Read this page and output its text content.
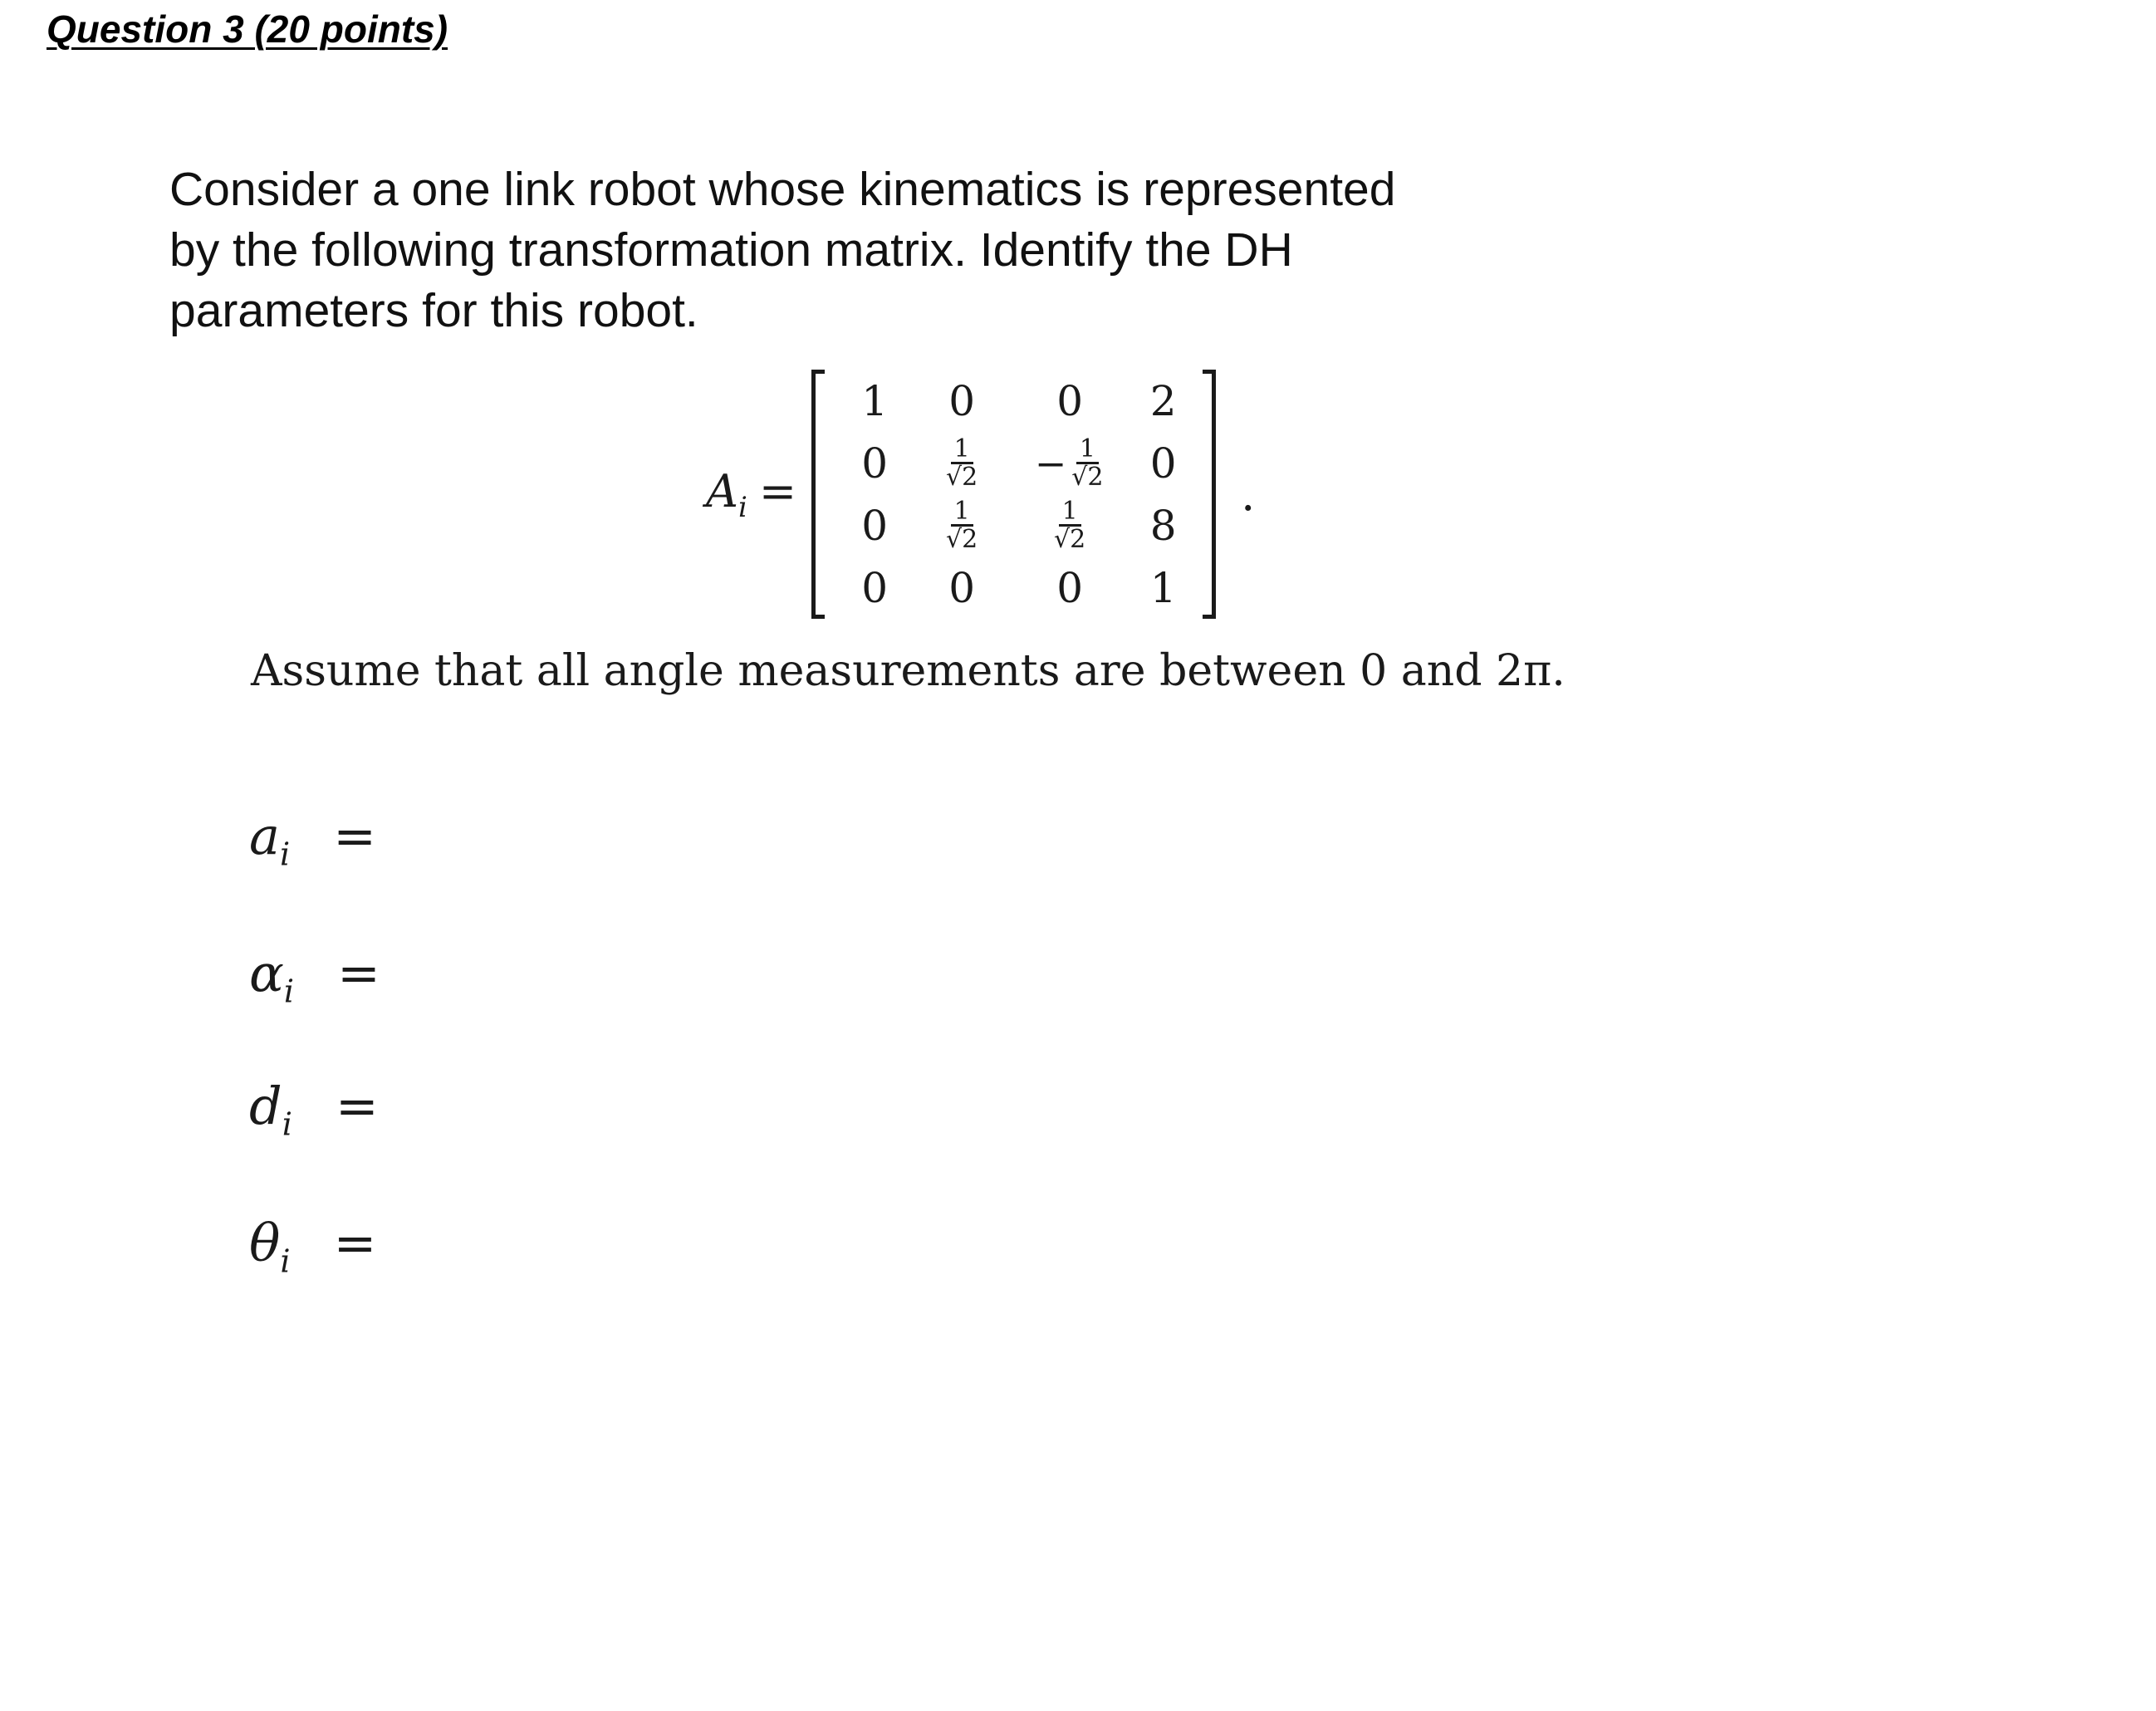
Question 3 (20 points)
Consider a one link robot whose kinematics is represented
by the following transformation matrix. Identify the DH
parameters for this robot.
$A_i$ =
1 0 0 2
$0 \frac{1}{√2} - \frac{1}{√2} 0$
$0 \frac{1}{√2}$	$\frac{1}{√2} 8$
0 0 0 1
.
Assume that all angle measurements are between 0 and 2π.
$a_i$ =
$\alpha_i$ =
$d_i$ =
$\theta_i$ =
